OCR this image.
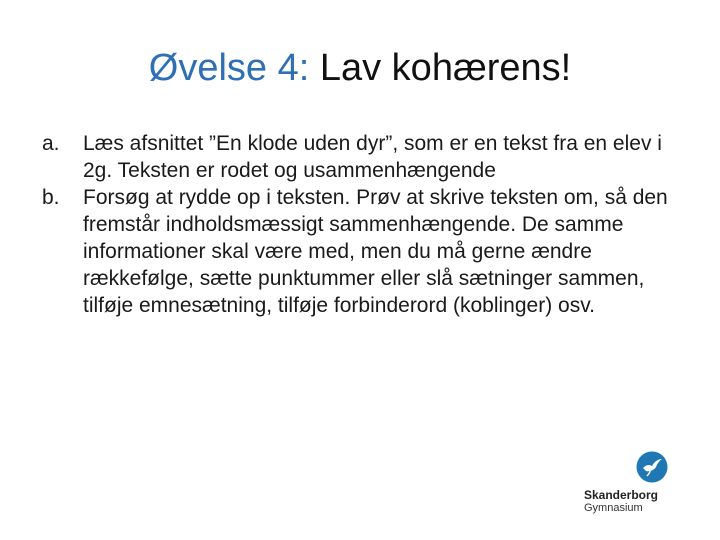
Øvelse 4: Lav kohærens!
a. Læs afsnittet ”En klode uden dyr”, som er en tekst fra en elev i 2g. Teksten er rodet og usammenhængende
b. Forsøg at rydde op i teksten. Prøv at skrive teksten om, så den fremstår indholdsmæssigt sammenhængende. De samme informationer skal være med, men du må gerne ændre rækkefølge, sætte punktummer eller slå sætninger sammen, tilføje emnesætning, tilføje forbinderord (koblinger) osv.
Skanderborg
Gymnasium
